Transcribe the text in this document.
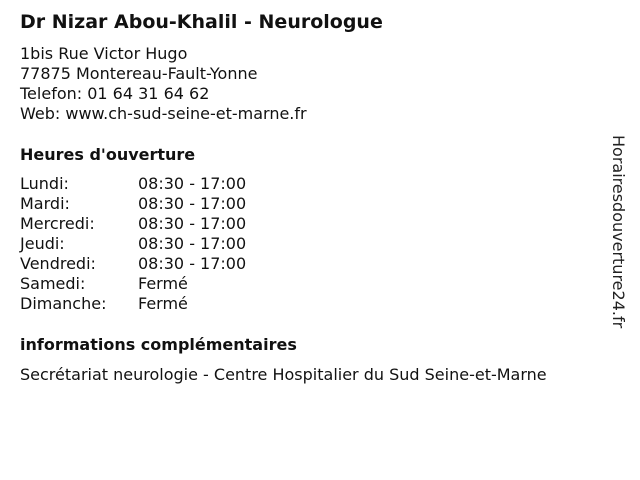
Dr Nizar Abou-Khalil - Neurologue
1bis Rue Victor Hugo
77875 Montereau-Fault-Yonne
Telefon: 01 64 31 64 62
Web: www.ch-sud-seine-et-marne.fr
Heures d'ouverture
Lundi:	08:30 - 17:00
Mardi:	08:30 - 17:00
Mercredi:	08:30 - 17:00
Jeudi:	08:30 - 17:00
Vendredi:	08:30 - 17:00
Samedi:	Fermé
Dimanche: Fermé
informations complémentaires
Secrétariat neurologie - Centre Hospitalier du Sud Seine-et-Marne
Horairesdouverture24.fr
